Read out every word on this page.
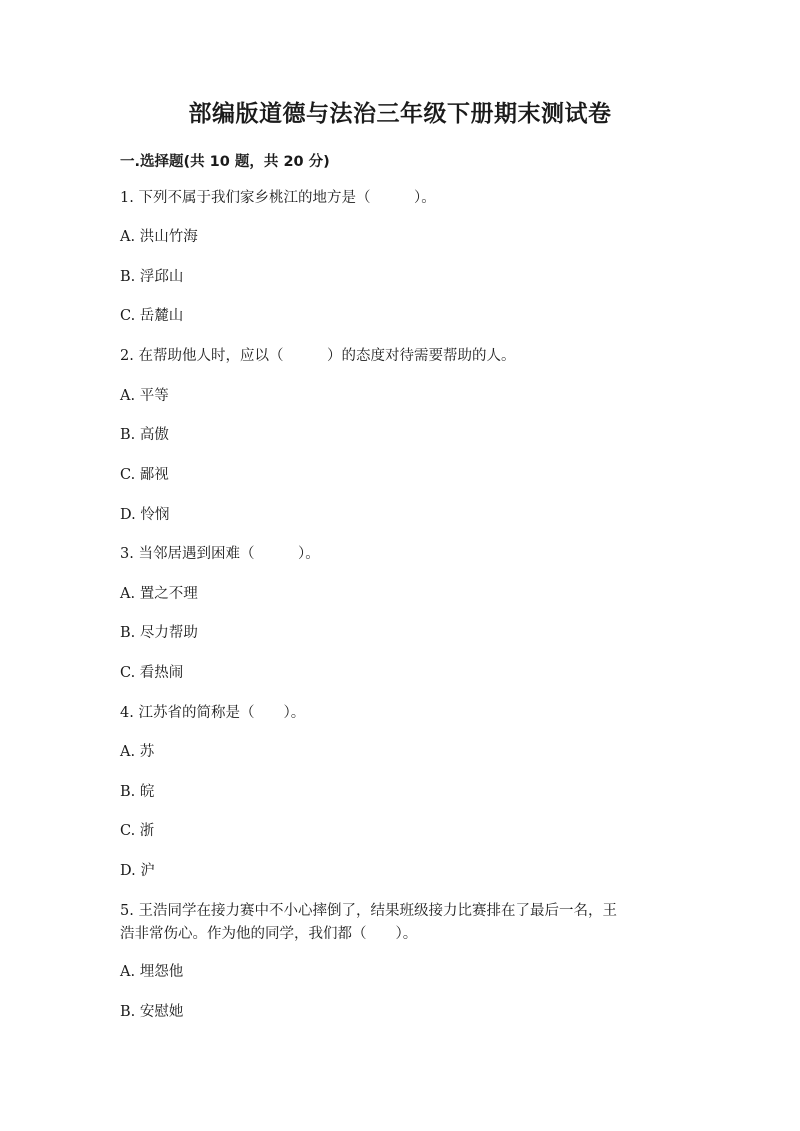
部编版道德与法治三年级下册期末测试卷
一.选择题(共 10 题，共 20 分)
1. 下列不属于我们家乡桃江的地方是（　　　）。
A. 洪山竹海
B. 浮邱山
C. 岳麓山
2. 在帮助他人时，应以（　　　）的态度对待需要帮助的人。
A. 平等
B. 高傲
C. 鄙视
D. 怜悯
3. 当邻居遇到困难（　　　）。
A. 置之不理
B. 尽力帮助
C. 看热闹
4. 江苏省的简称是（　　）。
A. 苏
B. 皖
C. 浙
D. 沪
5. 王浩同学在接力赛中不小心摔倒了，结果班级接力比赛排在了最后一名，王
浩非常伤心。作为他的同学，我们都（　　）。
A. 埋怨他
B. 安慰她
